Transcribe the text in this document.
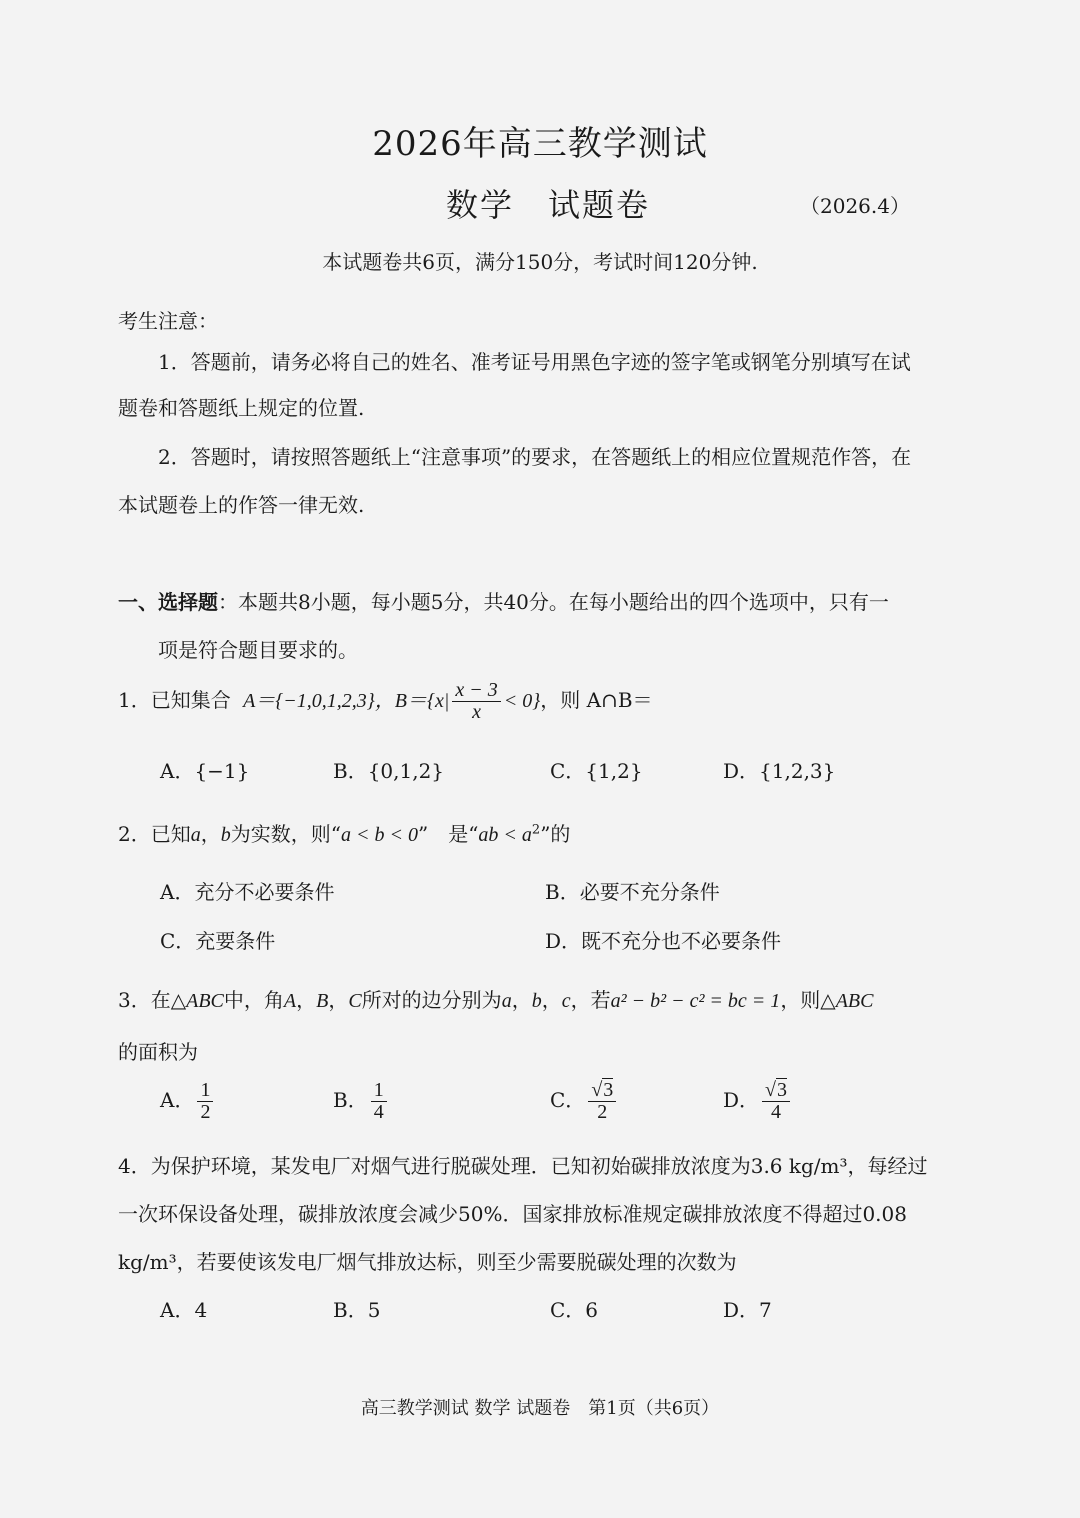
2026年高三教学测试
数学　试题卷	（2026.4）
本试题卷共6页，满分150分，考试时间120分钟.
考生注意：
1．答题前，请务必将自己的姓名、准考证号用黑色字迹的签字笔或钢笔分别填写在试
题卷和答题纸上规定的位置.
2．答题时，请按照答题纸上“注意事项”的要求，在答题纸上的相应位置规范作答，在
本试题卷上的作答一律无效.
一、选择题：本题共8小题，每小题5分，共40分。在每小题给出的四个选项中，只有一
项是符合题目要求的。
1．已知集合 A＝{−1,0,1,2,3}，$B=\{x| \frac{x - 3}{x} < 0\}$，则 A∩B＝
A．{−1}	B．{0,1,2}	C．{1,2}	D．{1,2,3}
2．已知a，b为实数，则“a < b < 0”　是“ab < $a^2$”的
A．充分不必要条件	B．必要不充分条件
C．充要条件	D．既不充分也不必要条件
3．在△ABC中，角A，B，C所对的边分别为a，b，c，若a² − b² − c² = bc = 1，则△ABC
的面积为
A． $\frac{1}{2}$	B． $\frac{1}{4}$	C． $\frac{√3}{2}$	D． $\frac{√3}{4}$
4．为保护环境，某发电厂对烟气进行脱碳处理．已知初始碳排放浓度为3.6 kg/m³，每经过
一次环保设备处理，碳排放浓度会减少50%．国家排放标准规定碳排放浓度不得超过0.08
kg/m³，若要使该发电厂烟气排放达标，则至少需要脱碳处理的次数为
A．4	B．5	C．6	D．7
高三教学测试 数学 试题卷　第1页（共6页）
